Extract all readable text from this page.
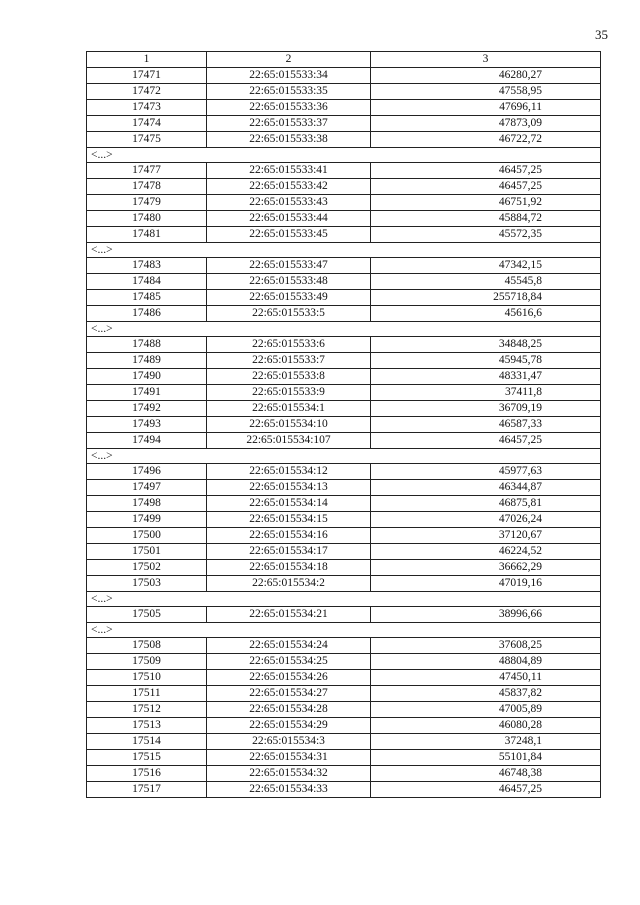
35
1	2	3
17471	22:65:015533:34	46280,27
17472	22:65:015533:35	47558,95
17473	22:65:015533:36	47696,11
17474	22:65:015533:37	47873,09
17475	22:65:015533:38	46722,72
<...>		
17477	22:65:015533:41	46457,25
17478	22:65:015533:42	46457,25
17479	22:65:015533:43	46751,92
17480	22:65:015533:44	45884,72
17481	22:65:015533:45	45572,35
<...>		
17483	22:65:015533:47	47342,15
17484	22:65:015533:48	45545,8
17485	22:65:015533:49	255718,84
17486	22:65:015533:5	45616,6
<...>		
17488	22:65:015533:6	34848,25
17489	22:65:015533:7	45945,78
17490	22:65:015533:8	48331,47
17491	22:65:015533:9	37411,8
17492	22:65:015534:1	36709,19
17493	22:65:015534:10	46587,33
17494	22:65:015534:107	46457,25
<...>		
17496	22:65:015534:12	45977,63
17497	22:65:015534:13	46344,87
17498	22:65:015534:14	46875,81
17499	22:65:015534:15	47026,24
17500	22:65:015534:16	37120,67
17501	22:65:015534:17	46224,52
17502	22:65:015534:18	36662,29
17503	22:65:015534:2	47019,16
<...>		
17505	22:65:015534:21	38996,66
<...>		
17508	22:65:015534:24	37608,25
17509	22:65:015534:25	48804,89
17510	22:65:015534:26	47450,11
17511	22:65:015534:27	45837,82
17512	22:65:015534:28	47005,89
17513	22:65:015534:29	46080,28
17514	22:65:015534:3	37248,1
17515	22:65:015534:31	55101,84
17516	22:65:015534:32	46748,38
17517	22:65:015534:33	46457,25
